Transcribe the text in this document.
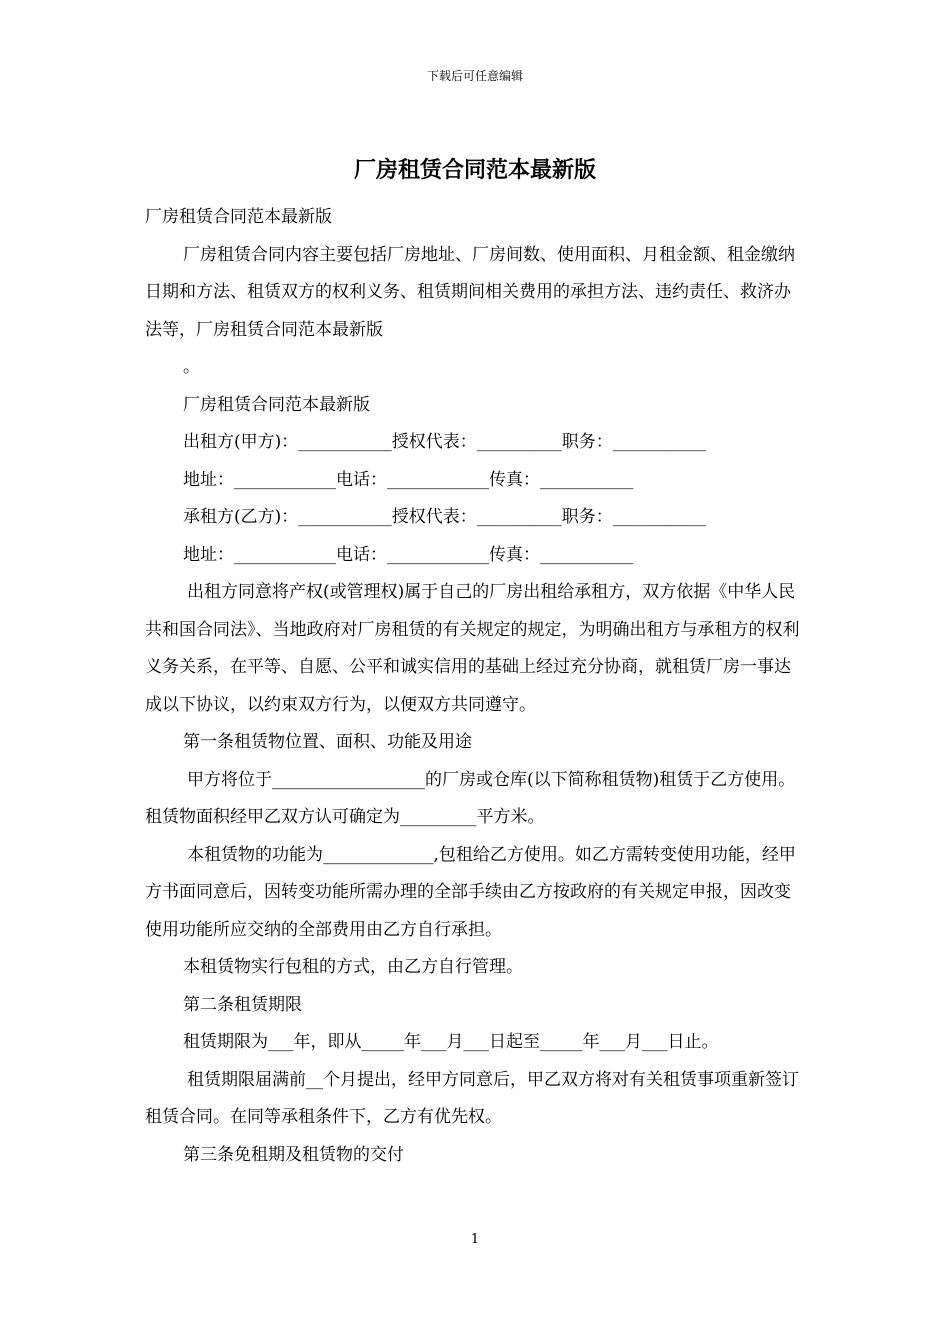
下载后可任意编辑
厂房租赁合同范本最新版

厂房租赁合同范本最新版

厂房租赁合同内容主要包括厂房地址、厂房间数、使用面积、月租金额、租金缴纳日期和方法、租赁双方的权利义务、租赁期间相关费用的承担方法、违约责任、救济办法等，厂房租赁合同范本最新版

。

厂房租赁合同范本最新版

出租方(甲方)：___________授权代表：__________职务：___________

地址：____________电话：____________传真：___________

承租方(乙方)：___________授权代表：__________职务：___________

地址：____________电话：____________传真：___________

出租方同意将产权(或管理权)属于自己的厂房出租给承租方，双方依据《中华人民共和国合同法》、当地政府对厂房租赁的有关规定的规定，为明确出租方与承租方的权利义务关系，在平等、自愿、公平和诚实信用的基础上经过充分协商，就租赁厂房一事达成以下协议，以约束双方行为，以便双方共同遵守。

第一条租赁物位置、面积、功能及用途

甲方将位于__________________的厂房或仓库(以下简称租赁物)租赁于乙方使用。租赁物面积经甲乙双方认可确定为_________平方米。

本租赁物的功能为_____________,包租给乙方使用。如乙方需转变使用功能，经甲方书面同意后，因转变功能所需办理的全部手续由乙方按政府的有关规定申报，因改变使用功能所应交纳的全部费用由乙方自行承担。

本租赁物实行包租的方式，由乙方自行管理。

第二条租赁期限

租赁期限为___年，即从_____年___月___日起至_____年___月___日止。

租赁期限届满前__个月提出，经甲方同意后，甲乙双方将对有关租赁事项重新签订租赁合同。在同等承租条件下，乙方有优先权。

第三条免租期及租赁物的交付

1
